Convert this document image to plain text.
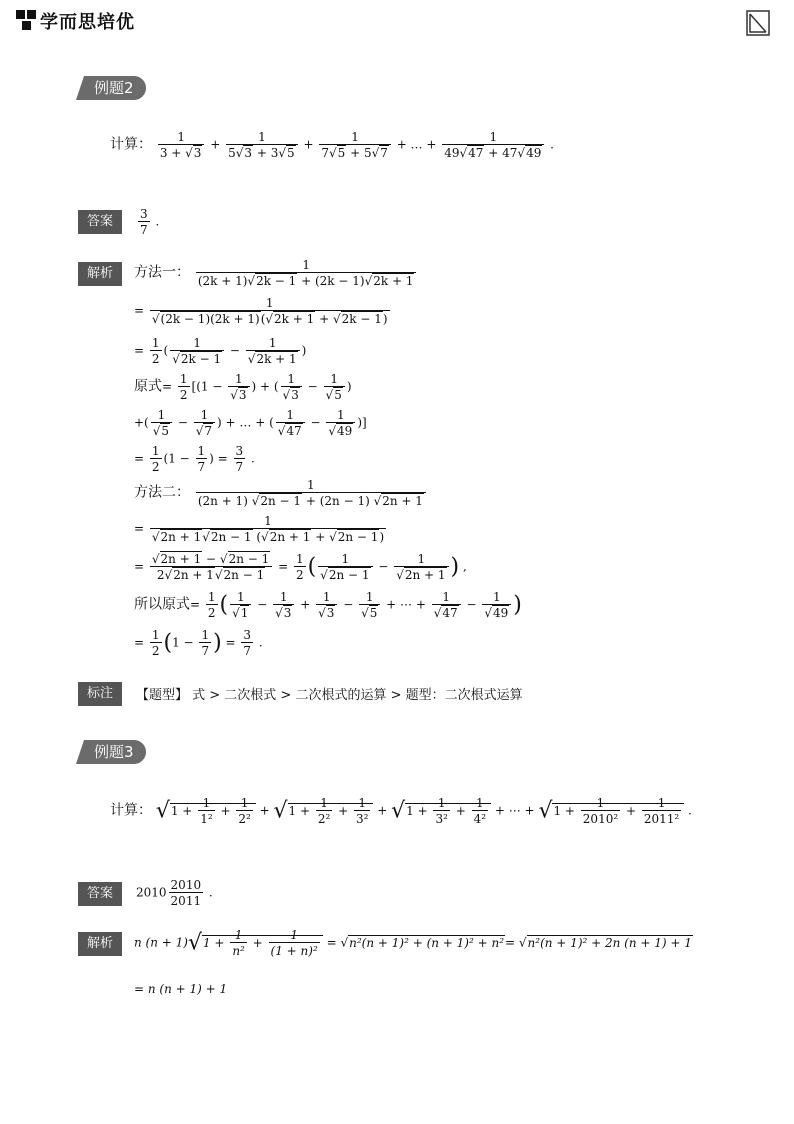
学而思培优
例题2
计算： $\frac{1}{3 + √3} + \frac{1}{5√3 + 3√5} + \frac{1}{7√5 + 5√7}$ + … + $\frac{1}{49√47 + 47√49}$ .
答案	$\frac{3}{7}$ .
解析	方法一： $\frac{1}{(2k + 1)√2k - 1 + (2k - 1)√2k + 1}$
= $\frac{1}{√(2k - 1)(2k + 1)(√2k + 1 + √2k - 1)}$
= $\frac{1}{2}$ ( $\frac{1}{√2k - 1} - \frac{1}{√2k + 1}$ )
原式= $\frac{1}{2} [(1 - \frac{1}{√3}$ ) + ( $\frac{1}{√3} - \frac{1}{√5}$ )
+( $\frac{1}{√5} - \frac{1}{√7}$ ) + … + ( $\frac{1}{√47} - \frac{1}{√49}$ )]
= $\frac{1}{2} (1 - \frac{1}{7}$ ) = $\frac{3}{7}$ .
方法二： $\frac{1}{(2n + 1) √2n - 1 + (2n - 1) √2n + 1}$
= $\frac{1}{√2n + 1√2n - 1 (√2n + 1 + √2n - 1)}$
= $\frac{√2n + 1 - √2n - 1}{2√2n + 1√2n - 1} = \frac{1}{2}$ ( $\frac{1}{√2n - 1} - \frac{1}{√2n + 1}$ ) ,
所以原式= $\frac{1}{2}$ ( $\frac{1}{√1} - \frac{1}{√3} + \frac{1}{√3} - \frac{1}{√5}$ + ⋯ + $\frac{1}{√47} - \frac{1}{√49}$ )
= $\frac{1}{2} (1 - \frac{1}{7}$ ) = $\frac{3}{7}$ .
标注	【题型】 式 > 二次根式 > 二次根式的运算 > 题型：二次根式运算
例题3
计算： $√1 + \frac{1}{\text{1²}} + \frac{1}{\text{2²}} + √1 + \frac{1}{\text{2²}} + \frac{1}{\text{3²}} + √1 + \frac{1}{\text{3²}} + \frac{1}{\text{4²}}$ + ⋯ + $√1 + \frac{1}{\text{2010²}} + \frac{1}{\text{2011²}}$ .
答案	$2010 \frac{2010}{2011}$ .
解析	n $(n + 1)√1 + \frac{1}{\text{n²}} + \frac{1}{\text{(1 + n)²}} = √n^2(n + 1)^2 + (n + 1)^2 + n^2= √n^2(n + 1)^2 + 2n$ (n + 1) + 1
= n (n + 1) + 1
